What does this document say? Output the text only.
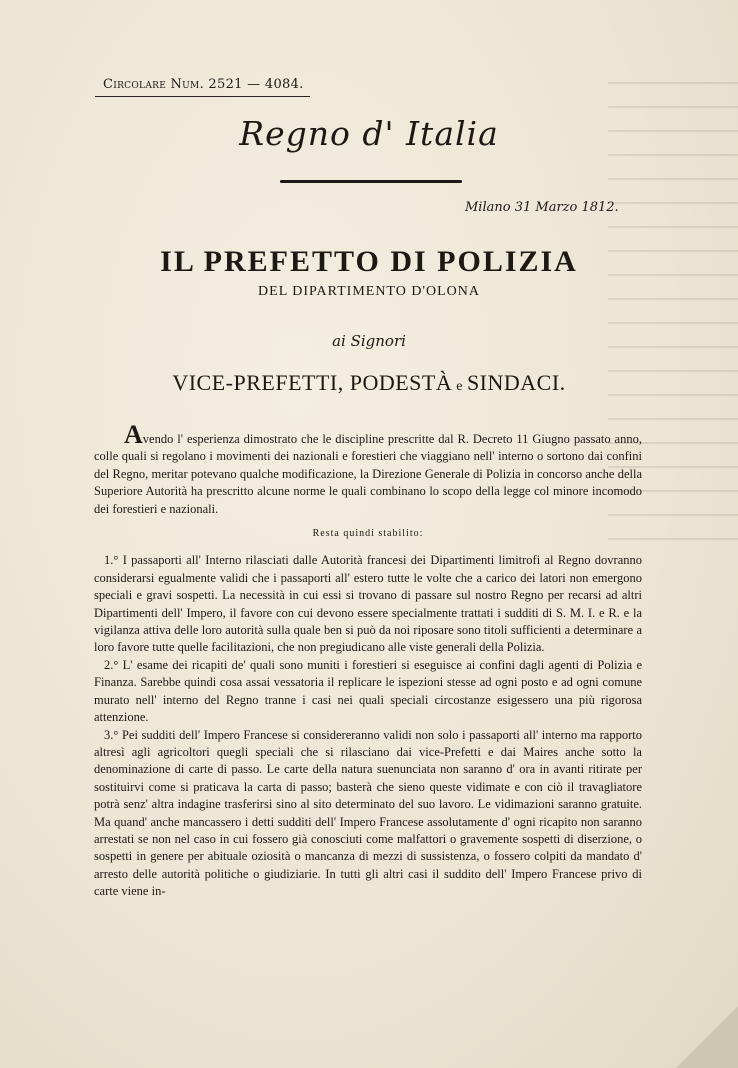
Circolare Num. 2521 — 4084.
Regno d' Italia
Milano 31 Marzo 1812.
IL PREFETTO DI POLIZIA
DEL DIPARTIMENTO D'OLONA
ai Signori
VICE-PREFETTI, PODESTÀ e SINDACI.

Avendo l' esperienza dimostrato che le discipline prescritte dal R. Decreto 11 Giugno passato anno, colle quali si regolano i movimenti dei nazionali e forestieri che viaggiano nell' interno o sortono dai confini del Regno, meritar potevano qualche modificazione, la Direzione Generale di Polizia in concorso anche della Superiore Autorità ha prescritto alcune norme le quali combinano lo scopo della legge col minore incomodo dei forestieri e nazionali.

Resta quindi stabilito:

1.° I passaporti all' Interno rilasciati dalle Autorità francesi dei Dipartimenti limitrofi al Regno dovranno considerarsi egualmente validi che i passaporti all' estero tutte le volte che a carico dei latori non emergono speciali e gravi sospetti. La necessità in cui essi si trovano di passare sul nostro Regno per recarsi ad altri Dipartimenti dell' Impero, il favore con cui devono essere specialmente trattati i sudditi di S. M. I. e R. e la vigilanza attiva delle loro autorità sulla quale ben si può da noi riposare sono titoli sufficienti a determinare a loro favore tutte quelle facilitazioni, che non pregiudicano alle viste generali della Polizia.

2.° L' esame dei ricapiti de' quali sono muniti i forestieri si eseguisce ai confini dagli agenti di Polizia e Finanza. Sarebbe quindi cosa assai vessatoria il replicare le ispezioni stesse ad ogni posto e ad ogni comune murato nell' interno del Regno tranne i casi nei quali speciali circostanze esigessero una più rigorosa attenzione.

3.° Pei sudditi dell' Impero Francese si considereranno validi non solo i passaporti all' interno ma rapporto altresì agli agricoltori quegli speciali che si rilasciano dai vice-Prefetti e dai Maires anche sotto la denominazione di carte di passo. Le carte della natura suenunciata non saranno d' ora in avanti ritirate per sostituirvi come si praticava la carta di passo; basterà che sieno queste vidimate e con ciò il travagliatore potrà senz' altra indagine trasferirsi sino al sito determinato del suo lavoro. Le vidimazioni saranno gratuite. Ma quand' anche mancassero i detti sudditi dell' Impero Francese assolutamente d' ogni ricapito non saranno arrestati se non nel caso in cui fossero già conosciuti come malfattori o gravemente sospetti di diserzione, o sospetti in genere per abituale oziosità o mancanza di mezzi di sussistenza, o fossero colpiti da mandato d' arresto delle autorità politiche o giudiziarie. In tutti gli altri casi il suddito dell' Impero Francese privo di carte viene in-
